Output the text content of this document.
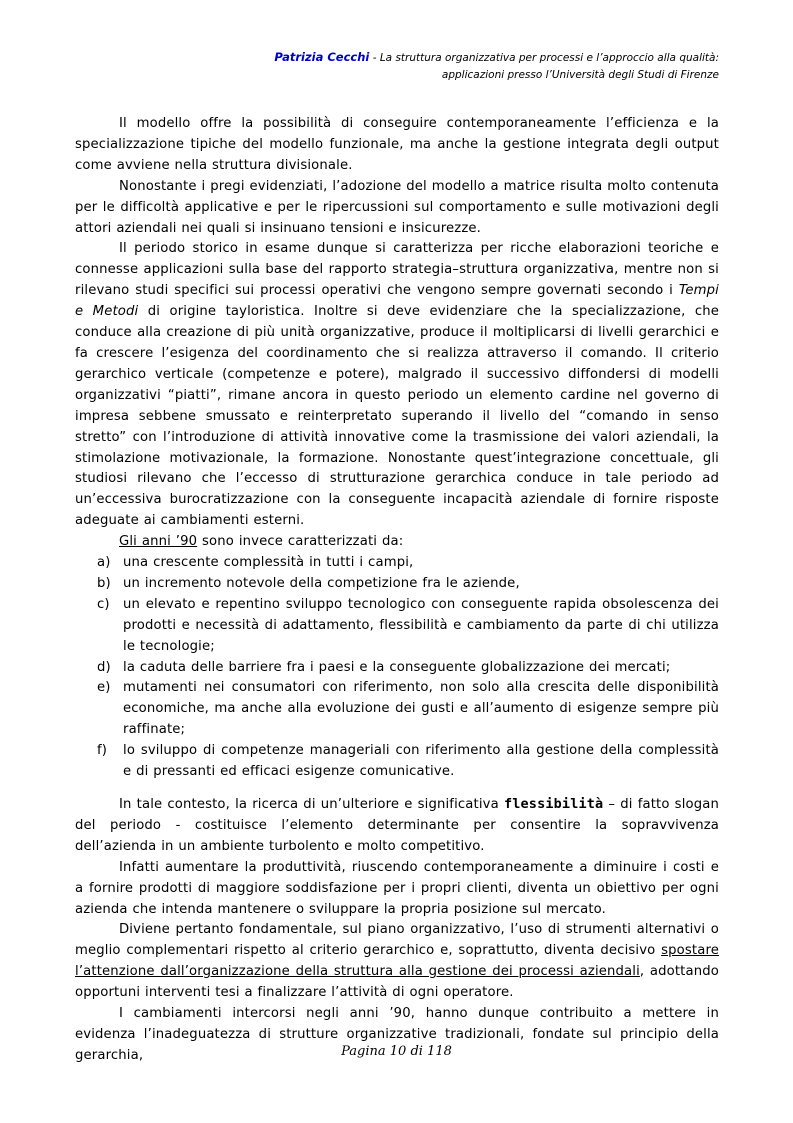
Patrizia Cecchi - La struttura organizzativa per processi e l’approccio alla qualità:
applicazioni presso l’Università degli Studi di Firenze

Il modello offre la possibilità di conseguire contemporaneamente l’efficienza e la specializzazione tipiche del modello funzionale, ma anche la gestione integrata degli output come avviene nella struttura divisionale.

Nonostante i pregi evidenziati, l’adozione del modello a matrice risulta molto contenuta per le difficoltà applicative e per le ripercussioni sul comportamento e sulle motivazioni degli attori aziendali nei quali si insinuano tensioni e insicurezze.

Il periodo storico in esame dunque si caratterizza per ricche elaborazioni teoriche e connesse applicazioni sulla base del rapporto strategia–struttura organizzativa, mentre non si rilevano studi specifici sui processi operativi che vengono sempre governati secondo i Tempi e Metodi di origine tayloristica. Inoltre si deve evidenziare che la specializzazione, che conduce alla creazione di più unità organizzative, produce il moltiplicarsi di livelli gerarchici e fa crescere l’esigenza del coordinamento che si realizza attraverso il comando. Il criterio gerarchico verticale (competenze e potere), malgrado il successivo diffondersi di modelli organizzativi “piatti”, rimane ancora in questo periodo un elemento cardine nel governo di impresa sebbene smussato e reinterpretato superando il livello del “comando in senso stretto” con l’introduzione di attività innovative come la trasmissione dei valori aziendali, la stimolazione motivazionale, la formazione. Nonostante quest’integrazione concettuale, gli studiosi rilevano che l’eccesso di strutturazione gerarchica conduce in tale periodo ad un’eccessiva burocratizzazione con la conseguente incapacità aziendale di fornire risposte adeguate ai cambiamenti esterni.

Gli anni ’90 sono invece caratterizzati da:

a) una crescente complessità in tutti i campi,
b) un incremento notevole della competizione fra le aziende,
c) un elevato e repentino sviluppo tecnologico con conseguente rapida obsolescenza dei prodotti e necessità di adattamento, flessibilità e cambiamento da parte di chi utilizza le tecnologie;
d) la caduta delle barriere fra i paesi e la conseguente globalizzazione dei mercati;
e) mutamenti nei consumatori con riferimento, non solo alla crescita delle disponibilità economiche, ma anche alla evoluzione dei gusti e all’aumento di esigenze sempre più raffinate;
f) lo sviluppo di competenze manageriali con riferimento alla gestione della complessità e di pressanti ed efficaci esigenze comunicative.

In tale contesto, la ricerca di un’ulteriore e significativa flessibilità – di fatto slogan del periodo - costituisce l’elemento determinante per consentire la sopravvivenza dell’azienda in un ambiente turbolento e molto competitivo.

Infatti aumentare la produttività, riuscendo contemporaneamente a diminuire i costi e a fornire prodotti di maggiore soddisfazione per i propri clienti, diventa un obiettivo per ogni azienda che intenda mantenere o sviluppare la propria posizione sul mercato.

Diviene pertanto fondamentale, sul piano organizzativo, l’uso di strumenti alternativi o meglio complementari rispetto al criterio gerarchico e, soprattutto, diventa decisivo spostare l’attenzione dall’organizzazione della struttura alla gestione dei processi aziendali, adottando opportuni interventi tesi a finalizzare l’attività di ogni operatore.

I cambiamenti intercorsi negli anni ’90, hanno dunque contribuito a mettere in evidenza l’inadeguatezza di strutture organizzative tradizionali, fondate sul principio della gerarchia,	Pagina 10 di 118
